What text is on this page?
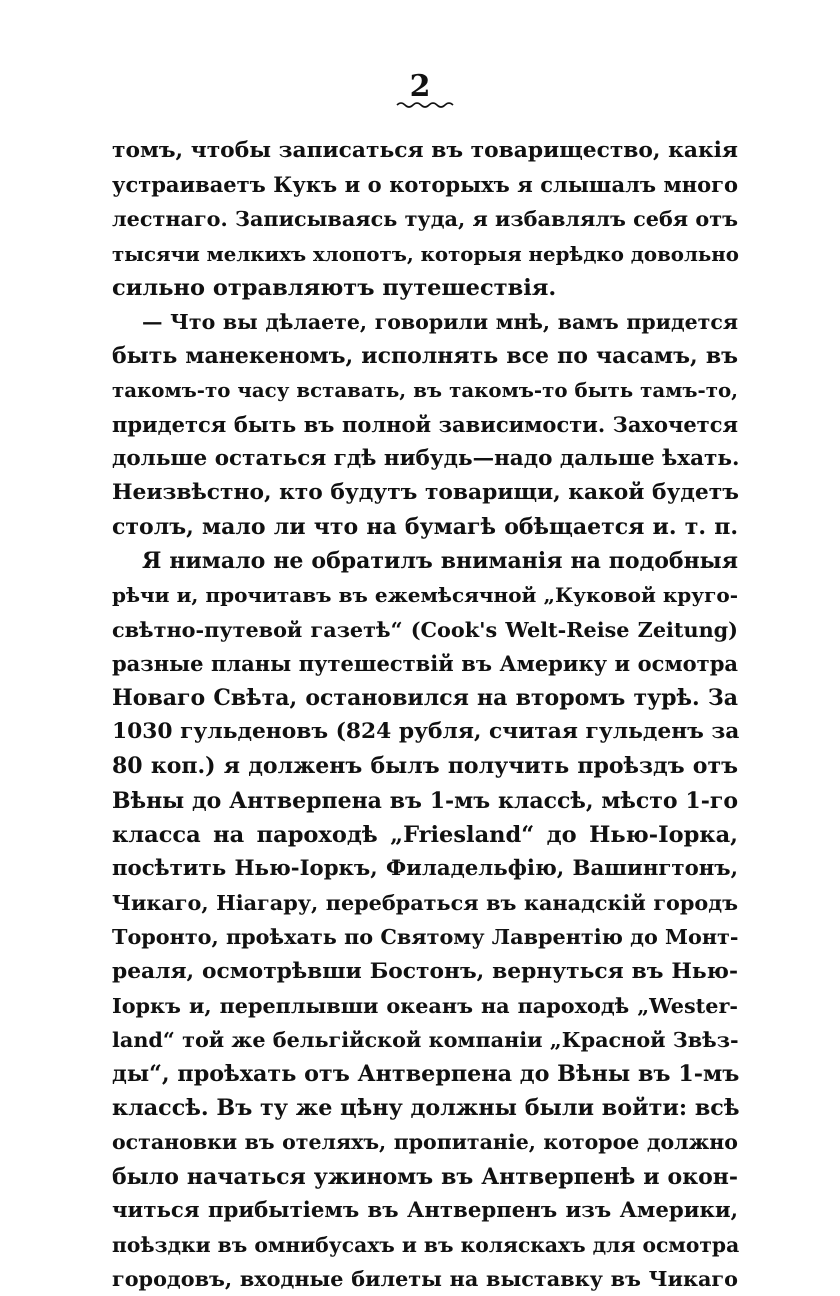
2
томъ, чтобы записаться въ товарищество, какія
устраиваетъ Кукъ и о которыхъ я слышалъ много
лестнаго. Записываясь туда, я избавлялъ себя отъ
тысячи мелкихъ хлопотъ, которыя нерѣдко довольно
сильно отравляютъ путешествія.
— Что вы дѣлаете, говорили мнѣ, вамъ придется
быть манекеномъ, исполнять все по часамъ, въ
такомъ-то часу вставать, въ такомъ-то быть тамъ-то,
придется быть въ полной зависимости. Захочется
дольше остаться гдѣ нибудь—надо дальше ѣхать.
Неизвѣстно, кто будутъ товарищи, какой будетъ
столъ, мало ли что на бумагѣ обѣщается и. т. п.
Я нимало не обратилъ вниманія на подобныя
рѣчи и, прочитавъ въ ежемѣсячной „Куковой круго-
свѣтно-путевой газетѣ“ (Cook's Welt-Reise Zeitung)
разные планы путешествій въ Америку и осмотра
Новаго Свѣта, остановился на второмъ турѣ. За
1030 гульденовъ (824 рубля, считая гульденъ за
80 коп.) я долженъ былъ получить проѣздъ отъ
Вѣны до Антверпена въ 1-мъ классѣ, мѣсто 1-го
класса на пароходѣ „Friesland“ до Нью-Іорка,
посѣтить Нью-Іоркъ, Филадельфію, Вашингтонъ,
Чикаго, Ніагару, перебраться въ канадскій городъ
Торонто, проѣхать по Святому Лаврентію до Монт-
реаля, осмотрѣвши Бостонъ, вернуться въ Нью-
Іоркъ и, переплывши океанъ на пароходѣ „Wester-
land“ той же бельгійской компаніи „Красной Звѣз-
ды“, проѣхать отъ Антверпена до Вѣны въ 1-мъ
классѣ. Въ ту же цѣну должны были войти: всѣ
остановки въ отеляхъ, пропитаніе, которое должно
было начаться ужиномъ въ Антверпенѣ и окон-
читься прибытіемъ въ Антверпенъ изъ Америки,
поѣздки въ омнибусахъ и въ коляскахъ для осмотра
городовъ, входные билеты на выставку въ Чикаго
